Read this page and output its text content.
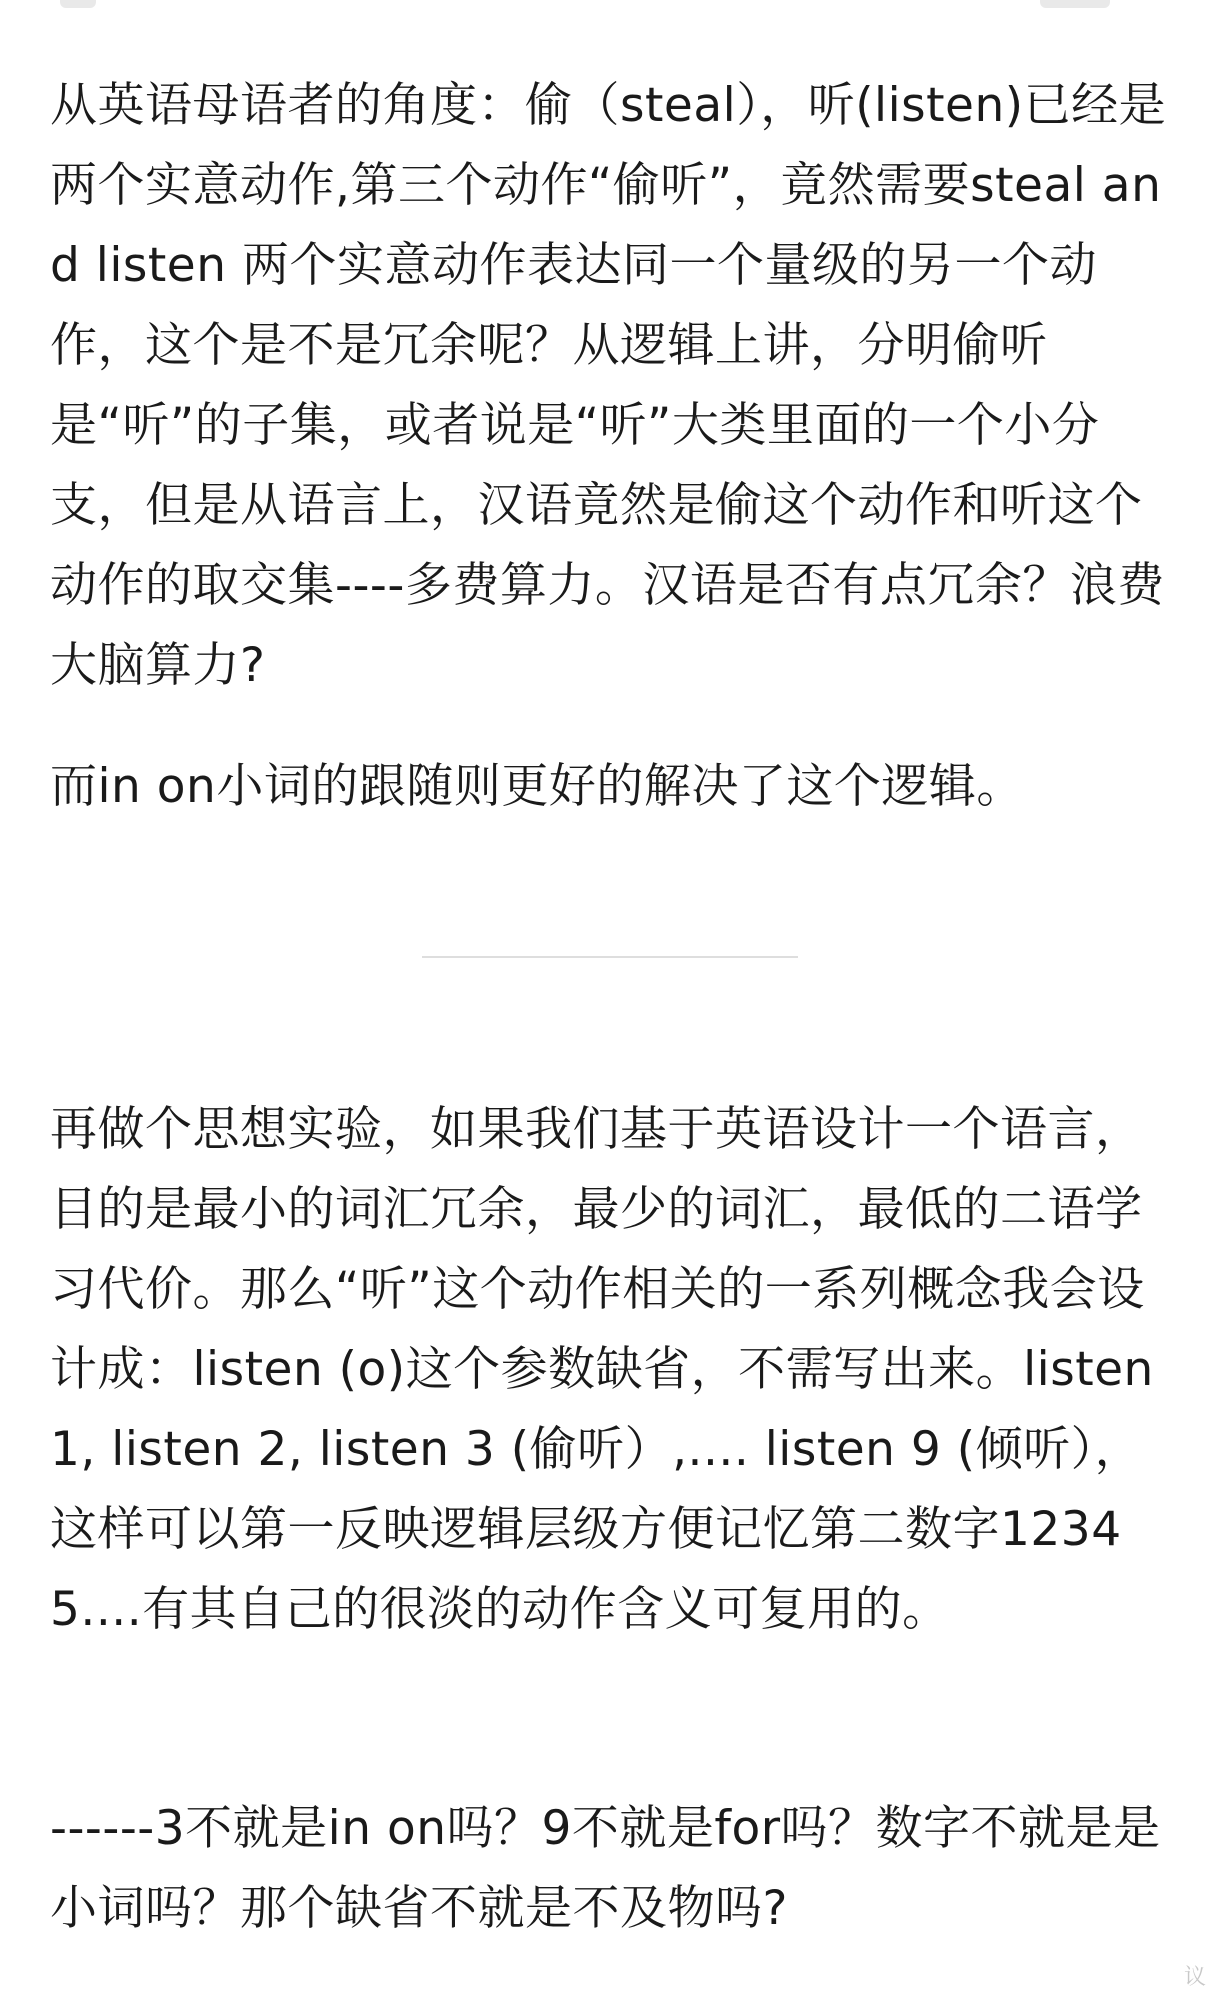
从英语母语者的角度：偷（steal），听(listen)已经是两个实意动作,第三个动作“偷听”，竟然需要steal and listen 两个实意动作表达同一个量级的另一个动作，这个是不是冗余呢？从逻辑上讲，分明偷听是“听”的子集，或者说是“听”大类里面的一个小分支，但是从语言上，汉语竟然是偷这个动作和听这个动作的取交集----多费算力。汉语是否有点冗余？浪费大脑算力?

而in on小词的跟随则更好的解决了这个逻辑。

再做个思想实验，如果我们基于英语设计一个语言，目的是最小的词汇冗余，最少的词汇，最低的二语学习代价。那么“听”这个动作相关的一系列概念我会设计成：listen (o)这个参数缺省，不需写出来。listen 1, listen 2, listen 3 (偷听）,.... listen 9 (倾听），这样可以第一反映逻辑层级方便记忆第二数字12345....有其自己的很淡的动作含义可复用的。

------3不就是in on吗？9不就是for吗？数字不就是是小词吗？那个缺省不就是不及物吗?

议
